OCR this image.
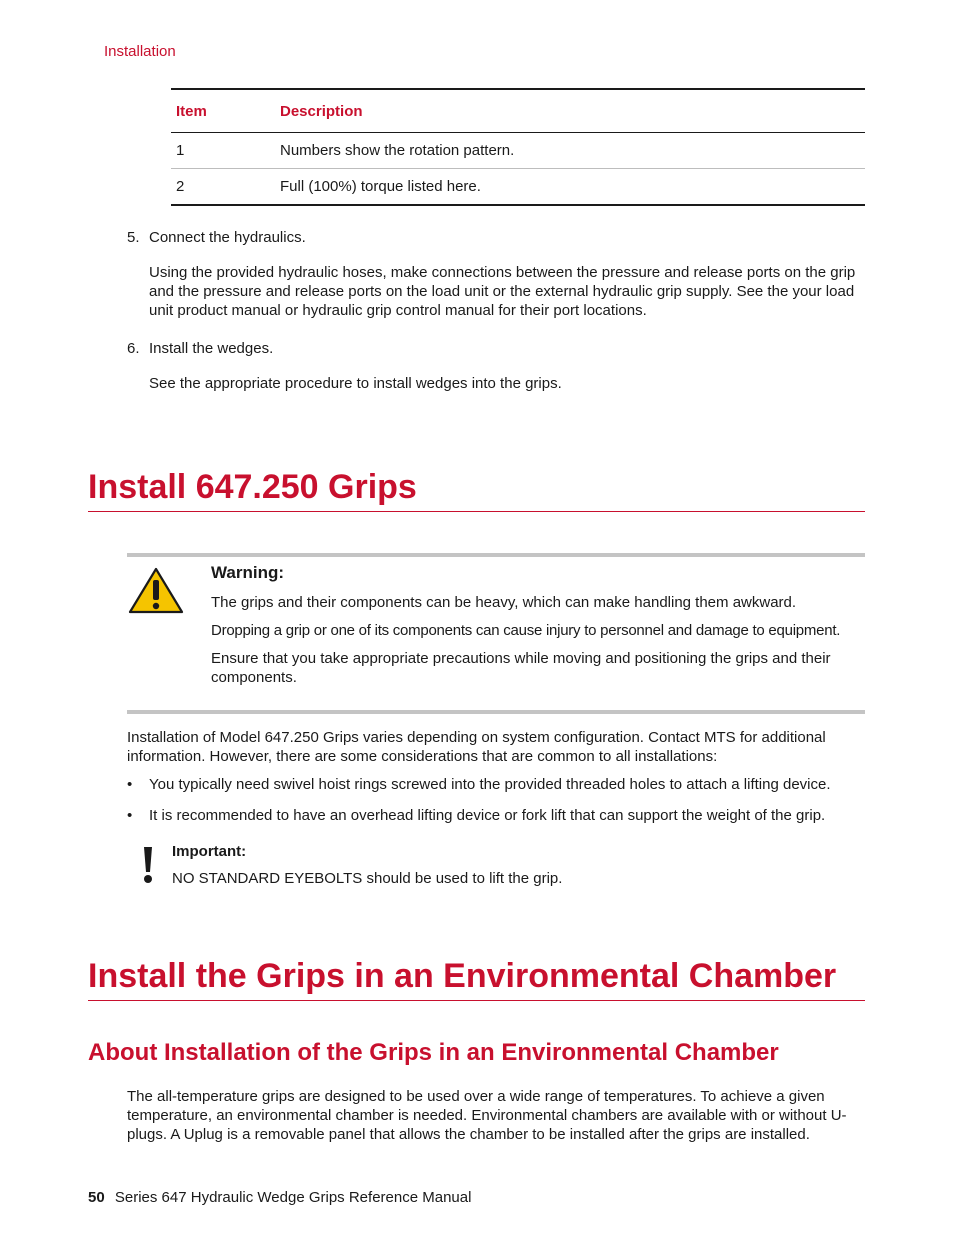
Installation
Item	Description
1	Numbers show the rotation pattern.
2	Full (100%) torque listed here.
5. Connect the hydraulics.
Using the provided hydraulic hoses, make connections between the pressure and release ports on the grip and the pressure and release ports on the load unit or the external hydraulic grip supply. See the your load unit product manual or hydraulic grip control manual for their port locations.
6. Install the wedges.
See the appropriate procedure to install wedges into the grips.
Install 647.250 Grips
Warning:
The grips and their components can be heavy, which can make handling them awkward.
Dropping a grip or one of its components can cause injury to personnel and damage to equipment.
Ensure that you take appropriate precautions while moving and positioning the grips and their components.
Installation of Model 647.250 Grips varies depending on system configuration. Contact MTS for additional information. However, there are some considerations that are common to all installations:
• You typically need swivel hoist rings screwed into the provided threaded holes to attach a lifting device.
• It is recommended to have an overhead lifting device or fork lift that can support the weight of the grip.
Important:
NO STANDARD EYEBOLTS should be used to lift the grip.
Install the Grips in an Environmental Chamber
About Installation of the Grips in an Environmental Chamber
The all-temperature grips are designed to be used over a wide range of temperatures. To achieve a given temperature, an environmental chamber is needed. Environmental chambers are available with or without U-plugs. A Uplug is a removable panel that allows the chamber to be installed after the grips are installed.
50 Series 647 Hydraulic Wedge Grips Reference Manual
